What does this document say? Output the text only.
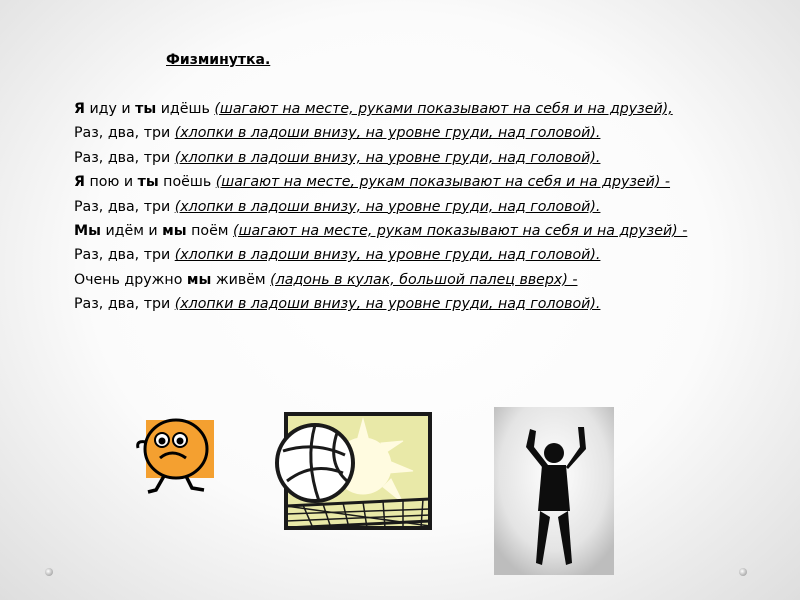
Физминутка.
Я иду и ты идёшь (шагают на месте, руками показывают на себя и на друзей),
Раз, два, три (хлопки в ладоши внизу, на уровне груди, над головой).
Раз, два, три (хлопки в ладоши внизу, на уровне груди, над головой).
Я пою и ты поёшь (шагают на месте, рукам показывают на себя и на друзей) -
Раз, два, три (хлопки в ладоши внизу, на уровне груди, над головой).
Мы идём и мы поём (шагают на месте, рукам показывают на себя и на друзей) -
Раз, два, три (хлопки в ладоши внизу, на уровне груди, над головой).
Очень дружно мы живём (ладонь в кулак, большой палец вверх) -
Раз, два, три (хлопки в ладоши внизу, на уровне груди, над головой).
